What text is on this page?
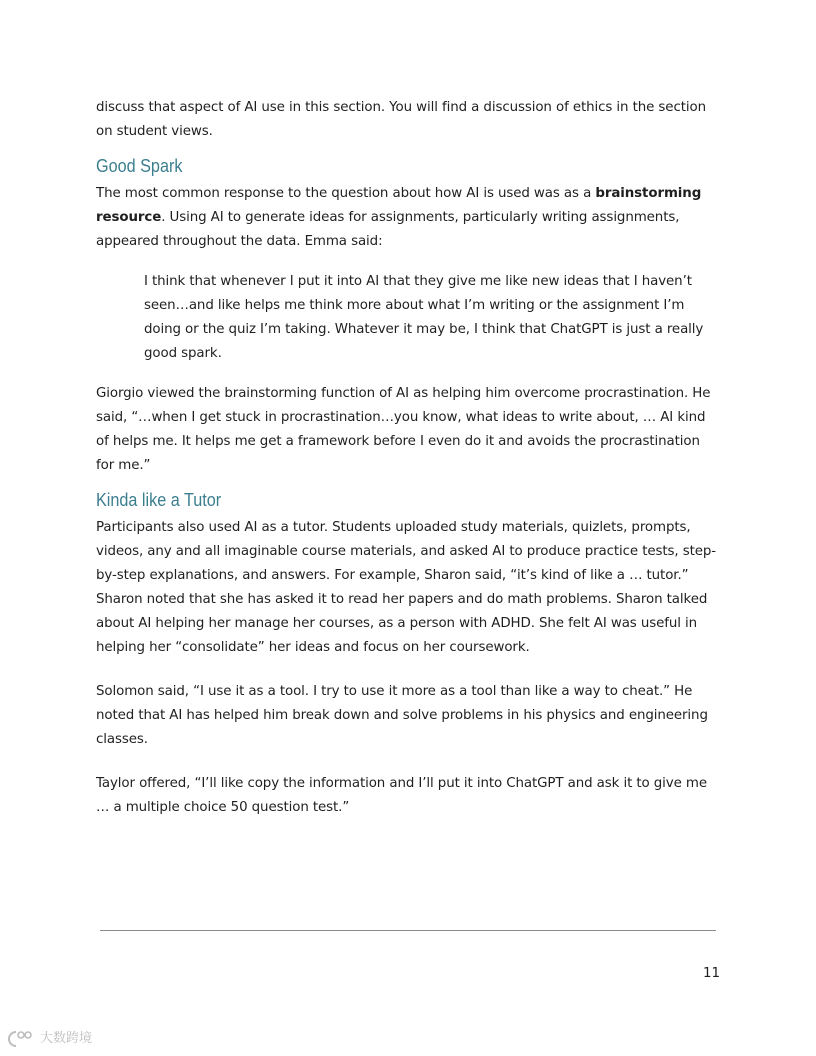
discuss that aspect of AI use in this section. You will find a discussion of ethics in the section on student views.

Good Spark

The most common response to the question about how AI is used was as a brainstorming resource. Using AI to generate ideas for assignments, particularly writing assignments, appeared throughout the data. Emma said:

I think that whenever I put it into AI that they give me like new ideas that I haven’t seen…and like helps me think more about what I’m writing or the assignment I’m doing or the quiz I’m taking. Whatever it may be, I think that ChatGPT is just a really good spark.

Giorgio viewed the brainstorming function of AI as helping him overcome procrastination. He said, “…when I get stuck in procrastination…you know, what ideas to write about, … AI kind of helps me. It helps me get a framework before I even do it and avoids the procrastination for me.”

Kinda like a Tutor

Participants also used AI as a tutor. Students uploaded study materials, quizlets, prompts, videos, any and all imaginable course materials, and asked AI to produce practice tests, step-by-step explanations, and answers. For example, Sharon said, “it’s kind of like a … tutor.” Sharon noted that she has asked it to read her papers and do math problems. Sharon talked about AI helping her manage her courses, as a person with ADHD. She felt AI was useful in helping her “consolidate” her ideas and focus on her coursework.

Solomon said, “I use it as a tool. I try to use it more as a tool than like a way to cheat.” He noted that AI has helped him break down and solve problems in his physics and engineering classes.

Taylor offered, “I’ll like copy the information and I’ll put it into ChatGPT and ask it to give me … a multiple choice 50 question test.”

11
大数跨境
